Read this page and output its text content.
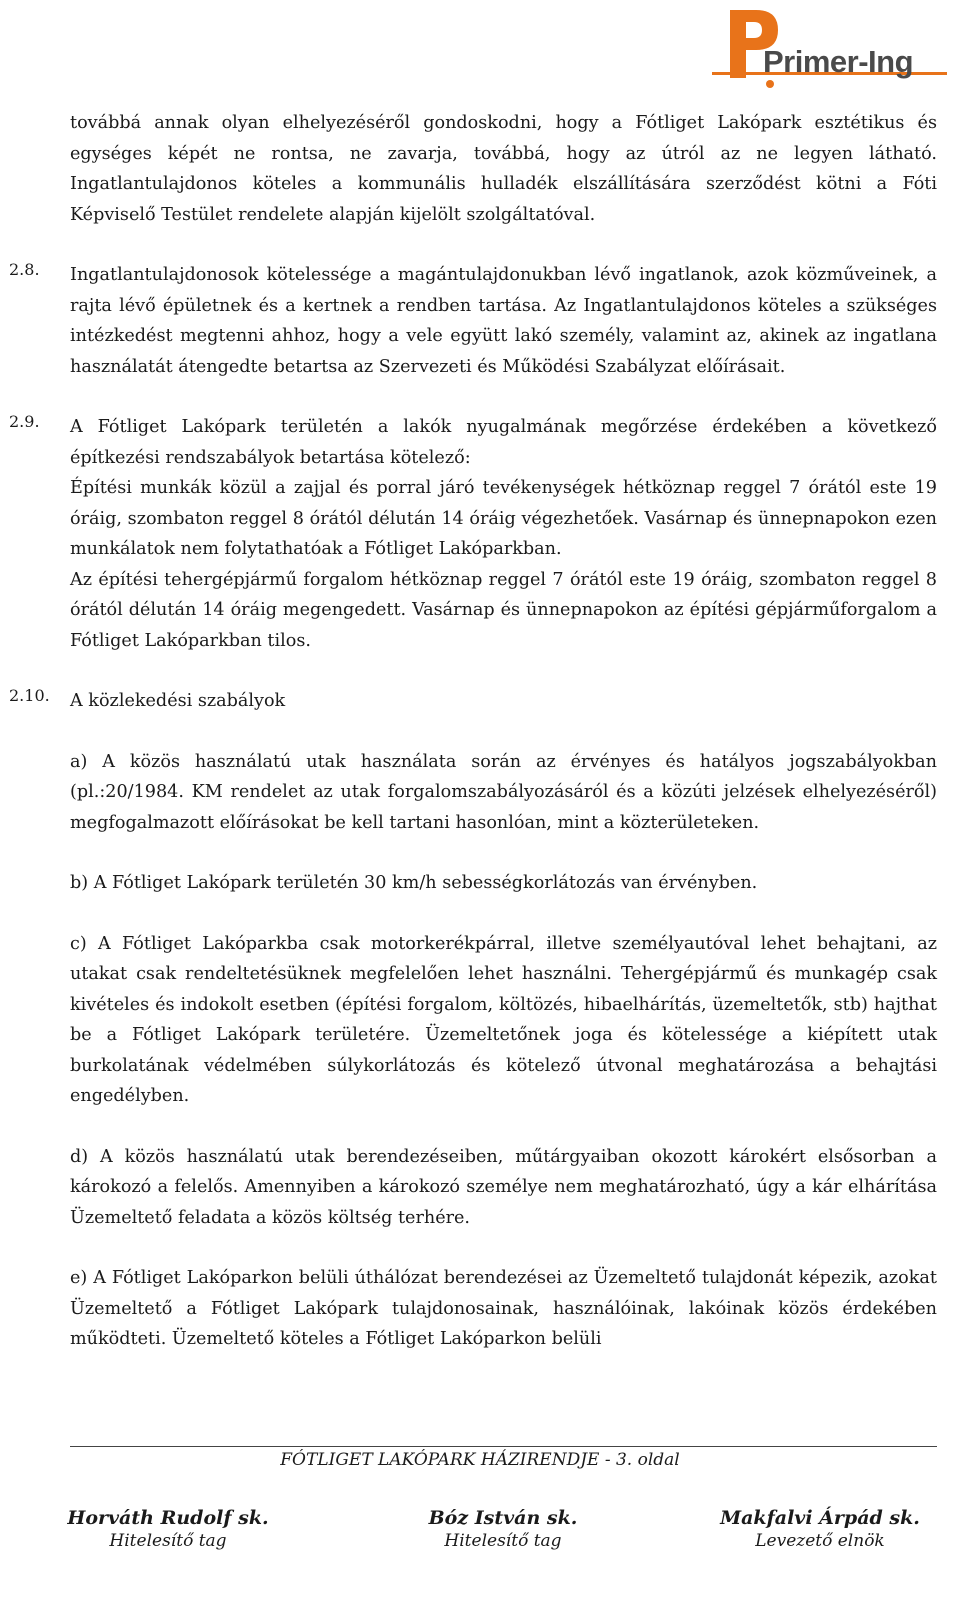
Primer-Ing

továbbá annak olyan elhelyezéséről gondoskodni, hogy a Fótliget Lakópark esztétikus és egységes képét ne rontsa, ne zavarja, továbbá, hogy az útról az ne legyen látható. Ingatlantulajdonos köteles a kommunális hulladék elszállítására szerződést kötni a Fóti Képviselő Testület rendelete alapján kijelölt szolgáltatóval.

2.8. Ingatlantulajdonosok kötelessége a magántulajdonukban lévő ingatlanok, azok közműveinek, a rajta lévő épületnek és a kertnek a rendben tartása. Az Ingatlantulajdonos köteles a szükséges intézkedést megtenni ahhoz, hogy a vele együtt lakó személy, valamint az, akinek az ingatlana használatát átengedte betartsa az Szervezeti és Működési Szabályzat előírásait.

2.9. A Fótliget Lakópark területén a lakók nyugalmának megőrzése érdekében a következő építkezési rendszabályok betartása kötelező:

Építési munkák közül a zajjal és porral járó tevékenységek hétköznap reggel 7 órától este 19 óráig, szombaton reggel 8 órától délután 14 óráig végezhetőek. Vasárnap és ünnepnapokon ezen munkálatok nem folytathatóak a Fótliget Lakóparkban.

Az építési tehergépjármű forgalom hétköznap reggel 7 órától este 19 óráig, szombaton reggel 8 órától délután 14 óráig megengedett. Vasárnap és ünnepnapokon az építési gépjárműforgalom a Fótliget Lakóparkban tilos.

2.10. A közlekedési szabályok

a) A közös használatú utak használata során az érvényes és hatályos jogszabályokban (pl.:20/1984. KM rendelet az utak forgalomszabályozásáról és a közúti jelzések elhelyezéséről) megfogalmazott előírásokat be kell tartani hasonlóan, mint a közterületeken.

b) A Fótliget Lakópark területén 30 km/h sebességkorlátozás van érvényben.

c) A Fótliget Lakóparkba csak motorkerékpárral, illetve személyautóval lehet behajtani, az utakat csak rendeltetésüknek megfelelően lehet használni. Tehergépjármű és munkagép csak kivételes és indokolt esetben (építési forgalom, költözés, hibaelhárítás, üzemeltetők, stb) hajthat be a Fótliget Lakópark területére. Üzemeltetőnek joga és kötelessége a kiépített utak burkolatának védelmében súlykorlátozás és kötelező útvonal meghatározása a behajtási engedélyben.

d) A közös használatú utak berendezéseiben, műtárgyaiban okozott károkért elsősorban a károkozó a felelős. Amennyiben a károkozó személye nem meghatározható, úgy a kár elhárítása Üzemeltető feladata a közös költség terhére.

e) A Fótliget Lakóparkon belüli úthálózat berendezései az Üzemeltető tulajdonát képezik, azokat Üzemeltető a Fótliget Lakópark tulajdonosainak, használóinak, lakóinak közös érdekében működteti. Üzemeltető köteles a Fótliget Lakóparkon belüli

FÓTLIGET LAKÓPARK HÁZIRENDJE - 3. oldal
Horváth Rudolf sk.
Hitelesítő tag
Bóz István sk.
Hitelesítő tag
Makfalvi Árpád sk.
Levezető elnök
